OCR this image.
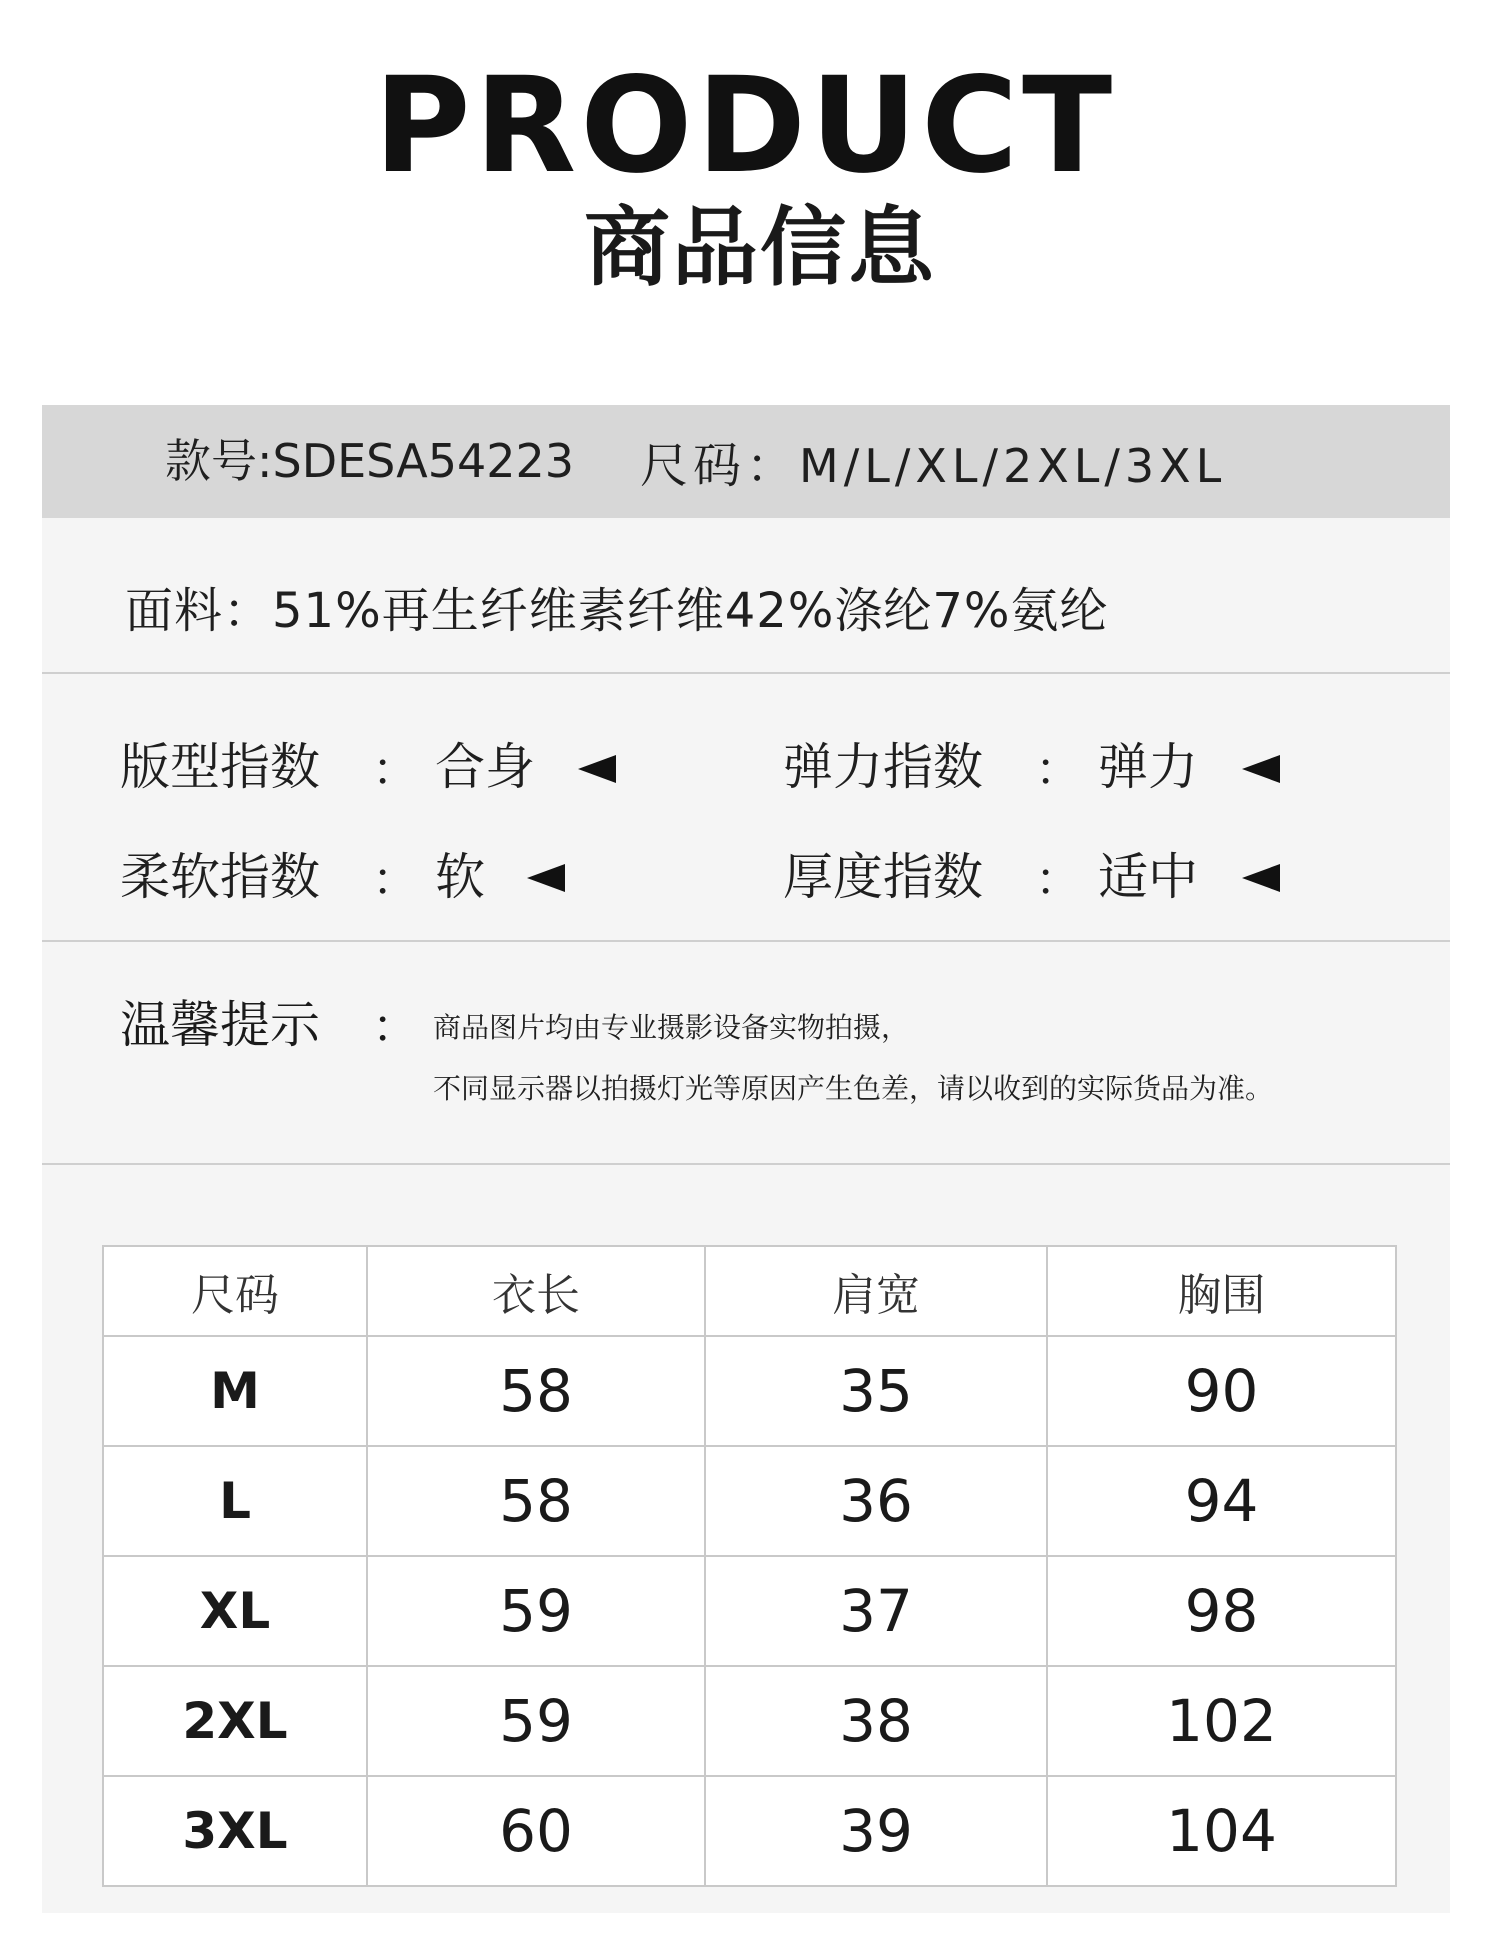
PRODUCT
商品信息
款号:SDESA54223 尺码：M/L/XL/2XL/3XL
面料：51%再生纤维素纤维42%涤纶7%氨纶
版型指数 ： 合身	弹力指数 ： 弹力
柔软指数 ： 软	厚度指数 ： 适中
温馨提示 ： 商品图片均由专业摄影设备实物拍摄，
不同显示器以拍摄灯光等原因产生色差，请以收到的实际货品为准。
尺码	衣长	肩宽	胸围
M	58	35	90
L	58	36	94
XL	59	37	98
2XL	59	38	102
3XL	60	39	104
